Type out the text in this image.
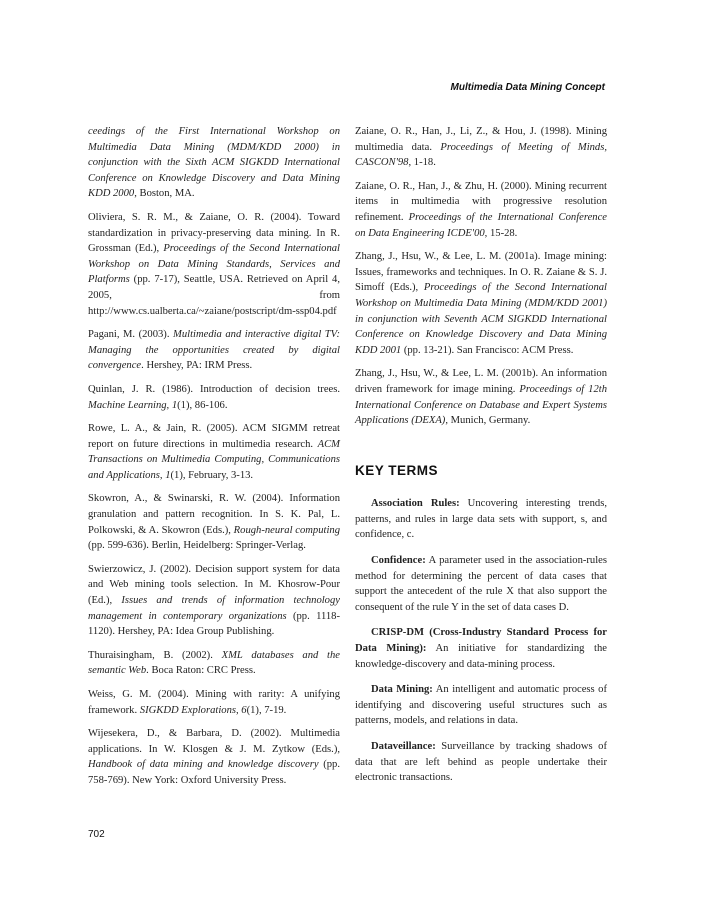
Multimedia Data Mining Concept

ceedings of the First International Workshop on Multimedia Data Mining (MDM/KDD 2000) in conjunction with the Sixth ACM SIGKDD International Conference on Knowledge Discovery and Data Mining KDD 2000, Boston, MA.

Oliviera, S. R. M., & Zaiane, O. R. (2004). Toward standardization in privacy-preserving data mining. In R. Grossman (Ed.), Proceedings of the Second International Workshop on Data Mining Standards, Services and Platforms (pp. 7-17), Seattle, USA. Retrieved on April 4, 2005, from http://www.cs.ualberta.ca/~zaiane/postscript/dm-ssp04.pdf

Pagani, M. (2003). Multimedia and interactive digital TV: Managing the opportunities created by digital convergence. Hershey, PA: IRM Press.

Quinlan, J. R. (1986). Introduction of decision trees. Machine Learning, 1(1), 86-106.

Rowe, L. A., & Jain, R. (2005). ACM SIGMM retreat report on future directions in multimedia research. ACM Transactions on Multimedia Computing, Communications and Applications, 1(1), February, 3-13.

Skowron, A., & Swinarski, R. W. (2004). Information granulation and pattern recognition. In S. K. Pal, L. Polkowski, & A. Skowron (Eds.), Rough-neural computing (pp. 599-636). Berlin, Heidelberg: Springer-Verlag.

Swierzowicz, J. (2002). Decision support system for data and Web mining tools selection. In M. Khosrow-Pour (Ed.), Issues and trends of information technology management in contemporary organizations (pp. 1118-1120). Hershey, PA: Idea Group Publishing.

Thuraisingham, B. (2002). XML databases and the semantic Web. Boca Raton: CRC Press.

Weiss, G. M. (2004). Mining with rarity: A unifying framework. SIGKDD Explorations, 6(1), 7-19.

Wijesekera, D., & Barbara, D. (2002). Multimedia applications. In W. Klosgen & J. M. Zytkow (Eds.), Handbook of data mining and knowledge discovery (pp. 758-769). New York: Oxford University Press.

Zaiane, O. R., Han, J., Li, Z., & Hou, J. (1998). Mining multimedia data. Proceedings of Meeting of Minds, CASCON'98, 1-18.

Zaiane, O. R., Han, J., & Zhu, H. (2000). Mining recurrent items in multimedia with progressive resolution refinement. Proceedings of the International Conference on Data Engineering ICDE'00, 15-28.

Zhang, J., Hsu, W., & Lee, L. M. (2001a). Image mining: Issues, frameworks and techniques. In O. R. Zaiane & S. J. Simoff (Eds.), Proceedings of the Second International Workshop on Multimedia Data Mining (MDM/KDD 2001) in conjunction with Seventh ACM SIGKDD International Conference on Knowledge Discovery and Data Mining KDD 2001 (pp. 13-21). San Francisco: ACM Press.

Zhang, J., Hsu, W., & Lee, L. M. (2001b). An information driven framework for image mining. Proceedings of 12th International Conference on Database and Expert Systems Applications (DEXA), Munich, Germany.

KEY TERMS

Association Rules: Uncovering interesting trends, patterns, and rules in large data sets with support, s, and confidence, c.

Confidence: A parameter used in the association-rules method for determining the percent of data cases that support the antecedent of the rule X that also support the consequent of the rule Y in the set of data cases D.

CRISP-DM (Cross-Industry Standard Process for Data Mining): An initiative for standardizing the knowledge-discovery and data-mining process.

Data Mining: An intelligent and automatic process of identifying and discovering useful structures such as patterns, models, and relations in data.

Dataveillance: Surveillance by tracking shadows of data that are left behind as people undertake their electronic transactions.

702
